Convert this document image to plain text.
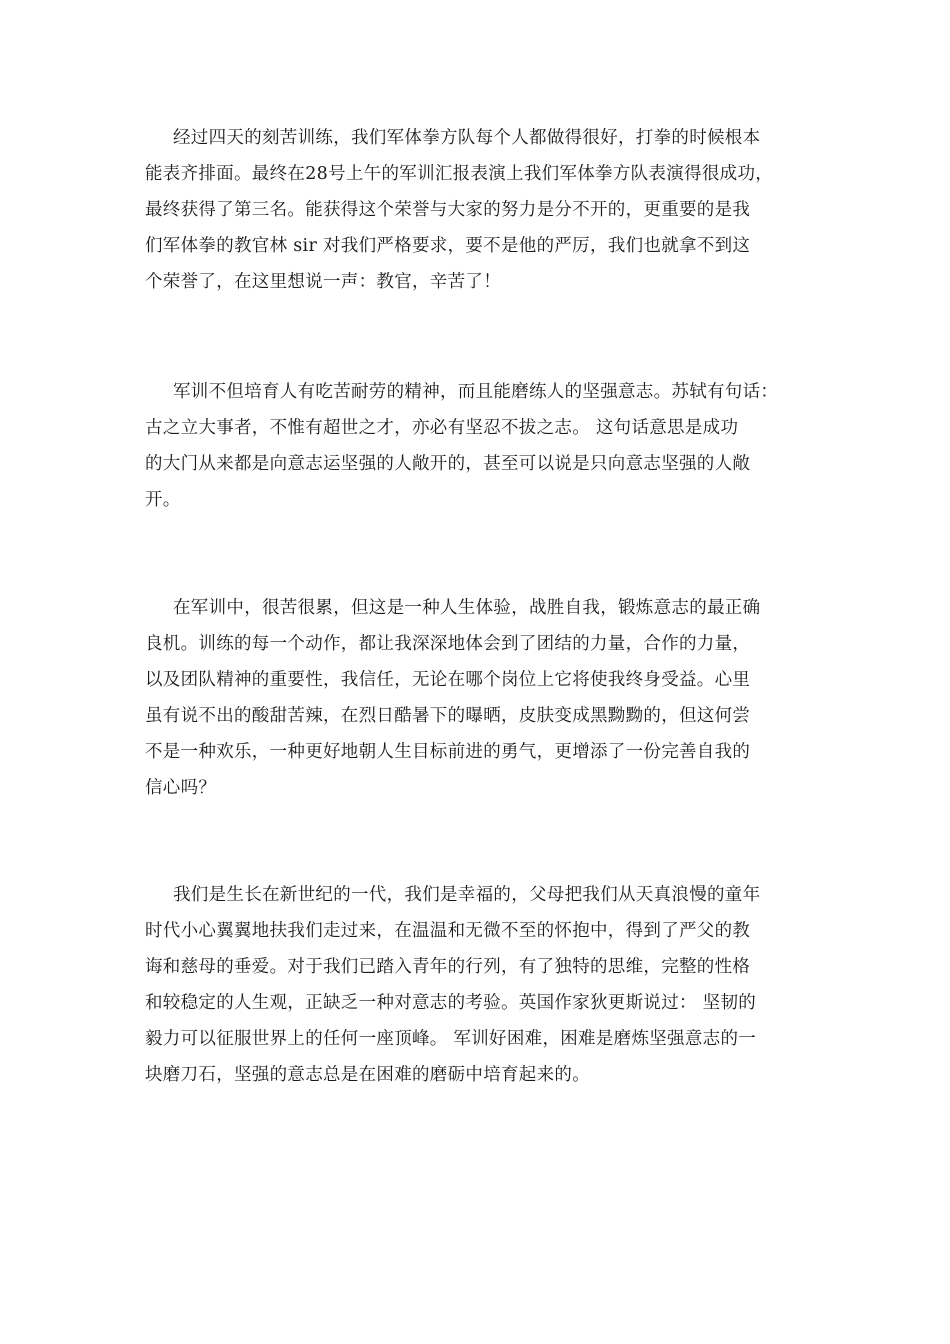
经过四天的刻苦训练，我们军体拳方队每个人都做得很好，打拳的时候根本
能表齐排面。最终在28号上午的军训汇报表演上我们军体拳方队表演得很成功，
最终获得了第三名。能获得这个荣誉与大家的努力是分不开的，更重要的是我
们军体拳的教官林 sir 对我们严格要求，要不是他的严厉，我们也就拿不到这
个荣誉了，在这里想说一声：教官，辛苦了！
军训不但培育人有吃苦耐劳的精神，而且能磨练人的坚强意志。苏轼有句话：
古之立大事者，不惟有超世之才，亦必有坚忍不拔之志。 这句话意思是成功
的大门从来都是向意志运坚强的人敞开的，甚至可以说是只向意志坚强的人敞
开。
在军训中，很苦很累，但这是一种人生体验，战胜自我，锻炼意志的最正确
良机。训练的每一个动作，都让我深深地体会到了团结的力量，合作的力量，
以及团队精神的重要性，我信任，无论在哪个岗位上它将使我终身受益。心里
虽有说不出的酸甜苦辣，在烈日酷暑下的曝晒，皮肤变成黑黝黝的，但这何尝
不是一种欢乐，一种更好地朝人生目标前进的勇气，更增添了一份完善自我的
信心吗？
我们是生长在新世纪的一代，我们是幸福的，父母把我们从天真浪慢的童年
时代小心翼翼地扶我们走过来，在温温和无微不至的怀抱中，得到了严父的教
诲和慈母的垂爱。对于我们已踏入青年的行列，有了独特的思维，完整的性格
和较稳定的人生观，正缺乏一种对意志的考验。英国作家狄更斯说过： 坚韧的
毅力可以征服世界上的任何一座顶峰。 军训好困难，困难是磨炼坚强意志的一
块磨刀石，坚强的意志总是在困难的磨砺中培育起来的。
